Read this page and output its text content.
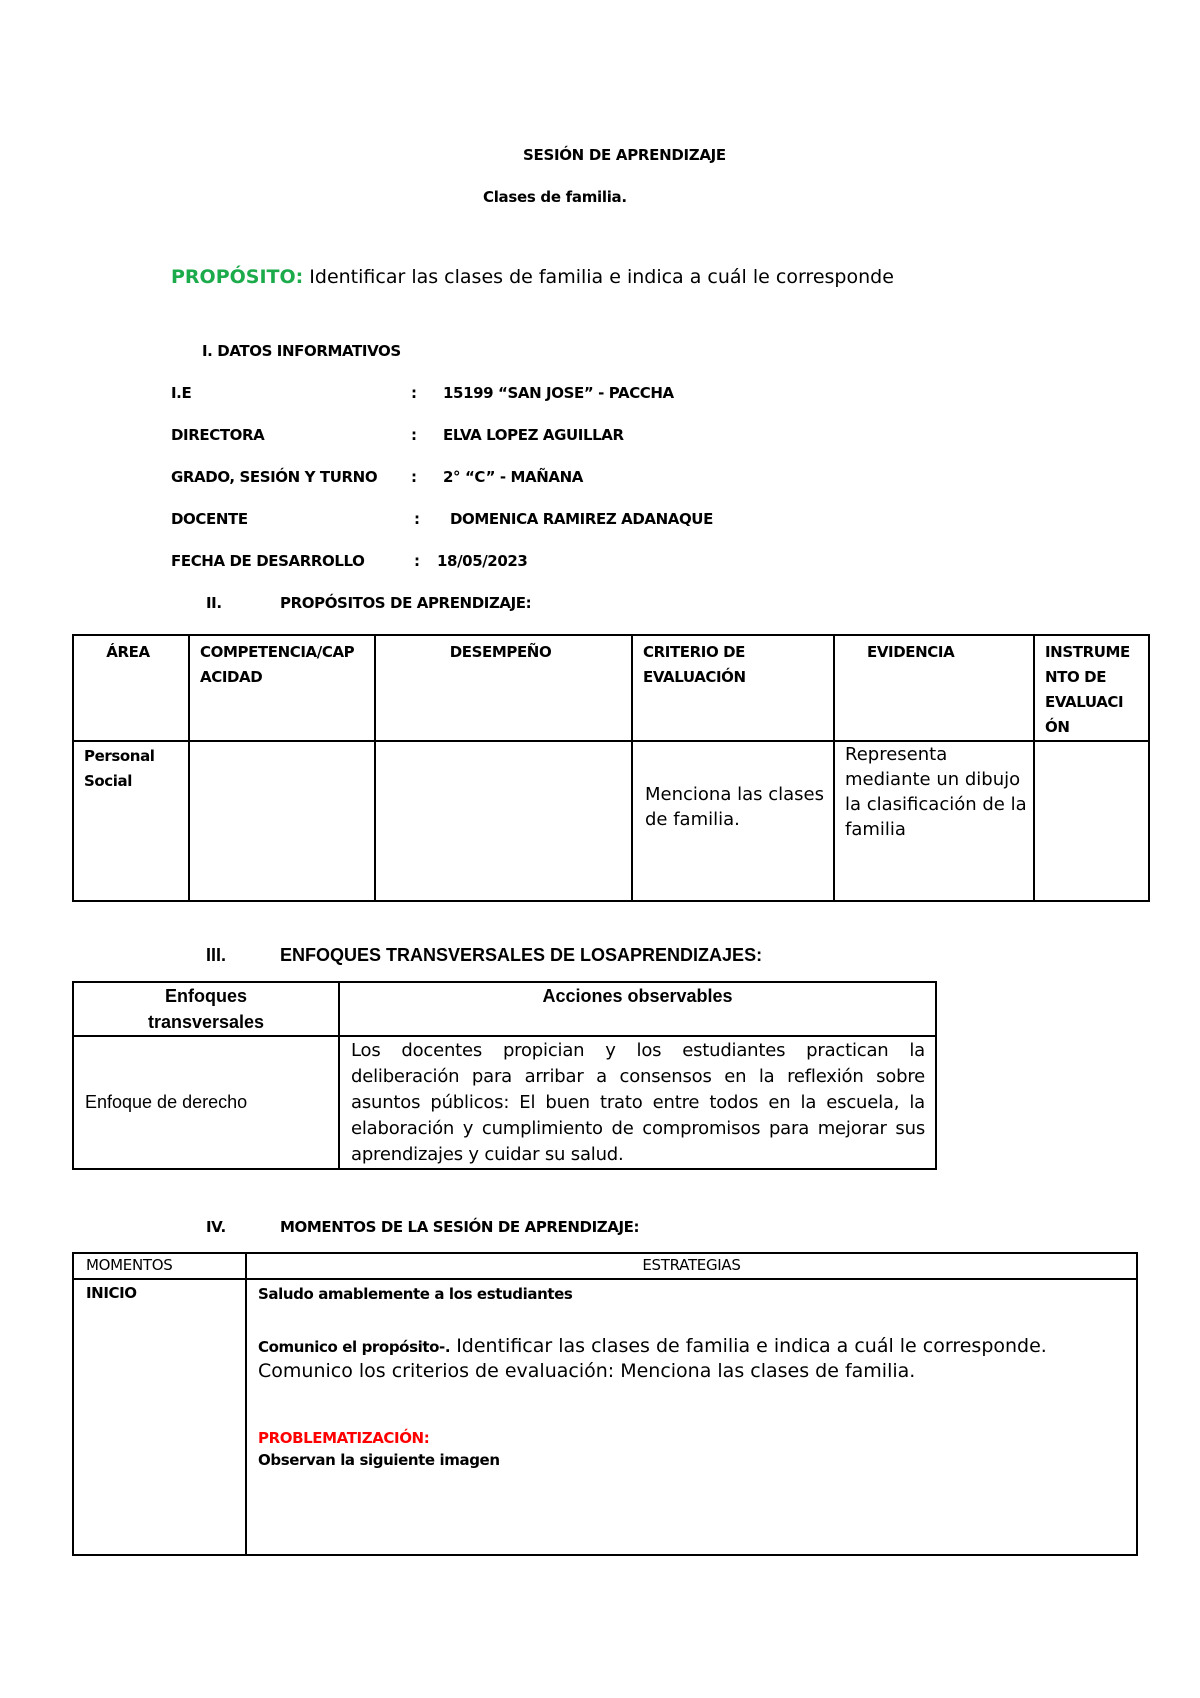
SESIÓN DE APRENDIZAJE
Clases de familia.
PROPÓSITO: Identificar las clases de familia e indica a cuál le corresponde
I. DATOS INFORMATIVOS
I.E	: 15199 “SAN JOSE” - PACCHA
DIRECTORA	: ELVA LOPEZ AGUILLAR
GRADO, SESIÓN Y TURNO : 2° “C” - MAÑANA
DOCENTE	: DOMENICA RAMIREZ ADANAQUE
FECHA DE DESARROLLO	: 18/05/2023
II.	PROPÓSITOS DE APRENDIZAJE:
ÁREA	COMPETENCIA/CAP ACIDAD	DESEMPEÑO	CRITERIO DE EVALUACIÓN	EVIDENCIA	INSTRUME NTO DE EVALUACI ÓN

Personal Social			Menciona las clases de familia.	Representa mediante un dibujo la clasificación de la familia	

III.	ENFOQUES TRANSVERSALES DE LOSAPRENDIZAJES:
Enfoques transversales	Acciones observables

Enfoque de derecho	Los docentes propician y los estudiantes practican la deliberación para arribar a consensos en la reflexión sobre asuntos públicos: El buen trato entre todos en la escuela, la elaboración y cumplimiento de compromisos para mejorar sus aprendizajes y cuidar su salud.
IV.	MOMENTOS DE LA SESIÓN DE APRENDIZAJE:
MOMENTOS	ESTRATEGIAS

INICIO	Saludo amablemente a los estudiantes
Comunico el propósito-. Identificar las clases de familia e indica a cuál le corresponde.
Comunico los criterios de evaluación: Menciona las clases de familia.
PROBLEMATIZACIÓN:
Observan la siguiente imagen
